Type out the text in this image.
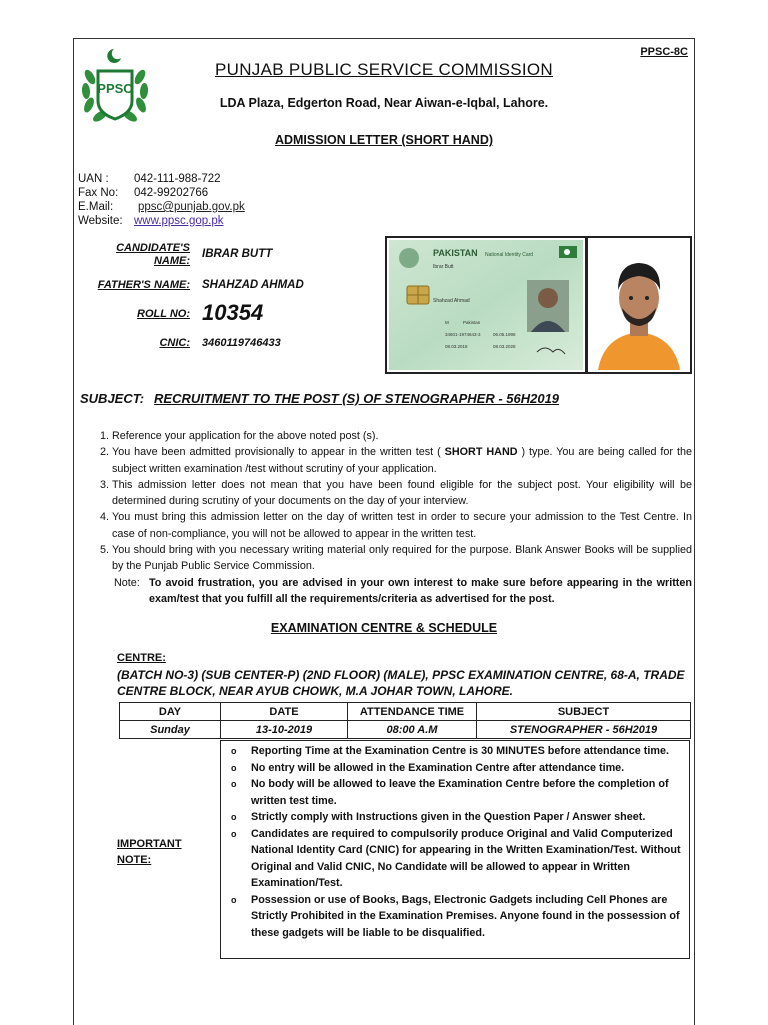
PPSC-8C
PPSC
PUNJAB PUBLIC SERVICE COMMISSION
LDA Plaza, Edgerton Road, Near Aiwan-e-Iqbal, Lahore.
ADMISSION LETTER (SHORT HAND)
UAN :	042-111-988-722
Fax No:	042-99202766
E.Mail:	ppsc@punjab.gov.pk
Website: www.ppsc.gop.pk
CANDIDATE'S
NAME:
IBRAR BUTT
FATHER'S NAME: SHAHZAD AHMAD
ROLL NO: 10354
CNIC: 3460119746433
PAKISTAN National Identity Card
Ibrar Butt
Shahzad Ahmad
M	Pakistan
34601-1974643-3	06.05.1998
08.03.2018	08.03.2028
SUBJECT: RECRUITMENT TO THE POST (S) OF STENOGRAPHER - 56H2019
1. Reference your application for the above noted post (s).
2. You have been admitted provisionally to appear in the written test ( SHORT HAND ) type. You are being called for the subject written examination /test without scrutiny of your application.
3. This admission letter does not mean that you have been found eligible for the subject post. Your eligibility will be determined during scrutiny of your documents on the day of your interview.
4. You must bring this admission letter on the day of written test in order to secure your admission to the Test Centre. In case of non-compliance, you will not be allowed to appear in the written test.
5. You should bring with you necessary writing material only required for the purpose. Blank Answer Books will be supplied by the Punjab Public Service Commission.
Note: To avoid frustration, you are advised in your own interest to make sure before appearing in the written exam/test that you fulfill all the requirements/criteria as advertised for the post.
EXAMINATION CENTRE & SCHEDULE
CENTRE:
(BATCH NO-3) (SUB CENTER-P) (2ND FLOOR) (MALE), PPSC EXAMINATION CENTRE, 68-A, TRADE CENTRE BLOCK, NEAR AYUB CHOWK, M.A JOHAR TOWN, LAHORE.
DAY	DATE	ATTENDANCE TIME	SUBJECT
Sunday	13-10-2019	08:00 A.M	STENOGRAPHER - 56H2019
IMPORTANT
NOTE:
o	Reporting Time at the Examination Centre is 30 MINUTES before attendance time.
o	No entry will be allowed in the Examination Centre after attendance time.
o	No body will be allowed to leave the Examination Centre before the completion of written test time.
o	Strictly comply with Instructions given in the Question Paper / Answer sheet.
o	Candidates are required to compulsorily produce Original and Valid Computerized National Identity Card (CNIC) for appearing in the Written Examination/Test. Without Original and Valid CNIC, No Candidate will be allowed to appear in Written Examination/Test.
o	Possession or use of Books, Bags, Electronic Gadgets including Cell Phones are Strictly Prohibited in the Examination Premises. Anyone found in the possession of these gadgets will be liable to be disqualified.
